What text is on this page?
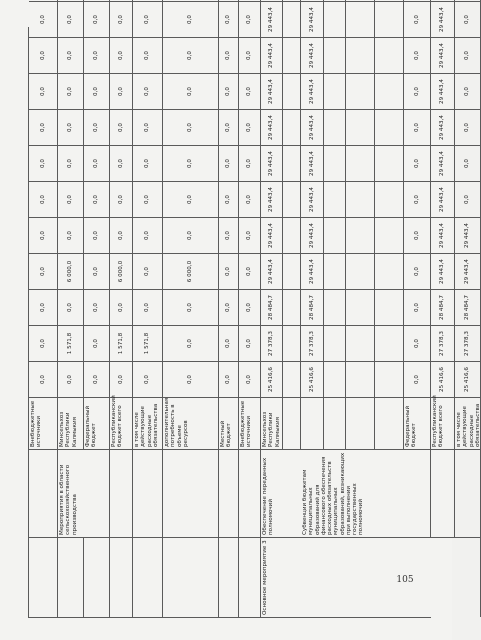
Внебюджетные источники
0,0
0,0
0,0
0,0
0,0
0,0
0,0
0,0
0,0
0,0
0,0
Мероприятия в области сельскохозяйственного производства
Минсельхоз Республики Калмыкия
0,0
1 571,8
0,0
6 000,0
0,0
0,0
0,0
0,0
0,0
0,0
0,0
Федеральный бюджет
0,0
0,0
0,0
0,0
0,0
0,0
0,0
0,0
0,0
0,0
0,0
Республиканский бюджет всего
0,0
1 571,8
0,0
6 000,0
0,0
0,0
0,0
0,0
0,0
0,0
0,0
в том числе действующие расходные обязательства
0,0
1 571,8
0,0
0,0
0,0
0,0
0,0
0,0
0,0
0,0
0,0
дополнительная потребность в объеме ресурсов
0,0
0,0
0,0
6 000,0
0,0
0,0
0,0
0,0
0,0
0,0
0,0
Местный бюджет
0,0
0,0
0,0
0,0
0,0
0,0
0,0
0,0
0,0
0,0
0,0
Внебюджетные источники
0,0
0,0
0,0
0,0
0,0
0,0
0,0
0,0
0,0
0,0
0,0
Основное мероприятие 3
Обеспечение переданных полномочий
Минсельхоз Республики Калмыкия
25 416,6
27 378,3
28 484,7
29 443,4
29 443,4
29 443,4
29 443,4
29 443,4
29 443,4
29 443,4
29 443,4
Субвенции бюджетам муниципальных образований для финансового обеспечения расходных обязательств муниципальных образований, возникающих при выполнении государственных полномочий
25 416,6
27 378,3
28 484,7
29 443,4
29 443,4
29 443,4
29 443,4
29 443,4
29 443,4
29 443,4
29 443,4
Федеральный бюджет
0,0
0,0
0,0
0,0
0,0
0,0
0,0
0,0
0,0
0,0
0,0
Республиканский бюджет всего
25 416,6
27 378,3
28 484,7
29 443,4
29 443,4
29 443,4
29 443,4
29 443,4
29 443,4
29 443,4
29 443,4
в том числе действующие расходные обязательства
25 416,6
27 378,3
28 484,7
29 443,4
29 443,4
0,0
0,0
0,0
0,0
0,0
0,0
105
